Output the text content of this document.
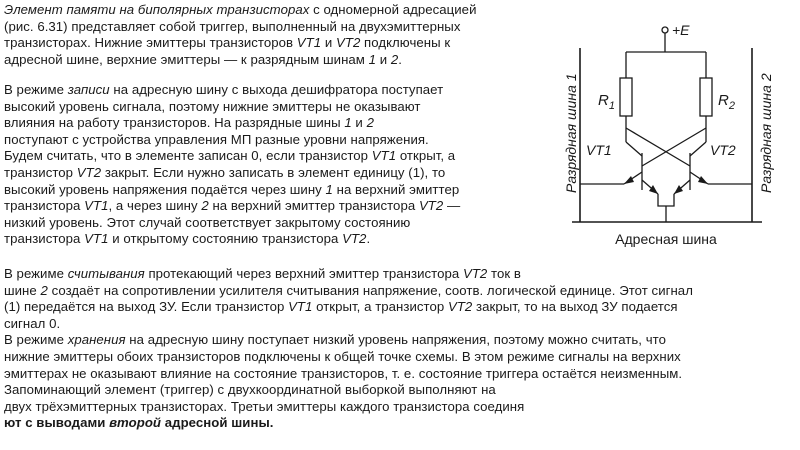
Элемент памяти на биполярных транзисторах с одномерной адресацией
(рис. 6.31) представляет собой триггер, выполненный на двухэмиттерных
транзисторах. Нижние эмиттеры транзисторов VT1 и VT2 подключены к
адресной шине, верхние эмиттеры — к разрядным шинам 1 и 2.
В режиме записи на адресную шину с выхода дешифратора поступает
высокий уровень сигнала, поэтому нижние эмиттеры не оказывают
влияния на работу транзисторов. На разрядные шины 1 и 2
поступают с устройства управления МП разные уровни напряжения.
Будем считать, что в элементе записан 0, если транзистор VT1 открыт, а
транзистор VT2 закрыт. Если нужно записать в элемент единицу (1), то
высокий уровень напряжения подаётся через шину 1 на верхний эмиттер
транзистора VT1, а через шину 2 на верхний эмиттер транзистора VT2 —
низкий уровень. Этот случай соответствует закрытому состоянию
транзистора VT1 и открытому состоянию транзистора VT2.
В режиме считывания протекающий через верхний эмиттер транзистора VT2 ток в
шине 2 создаёт на сопротивлении усилителя считывания напряжение, соотв. логической единице. Этот сигнал
(1) передаётся на выход ЗУ. Если транзистор VT1 открыт, а транзистор VT2 закрыт, то на выход ЗУ подается
сигнал 0.
В режиме хранения на адресную шину поступает низкий уровень напряжения, поэтому можно считать, что
нижние эмиттеры обоих транзисторов подключены к общей точке схемы. В этом режиме сигналы на верхних
эмиттерах не оказывают влияние на состояние транзисторов, т. е. состояние триггера остаётся неизменным.
Запоминающий элемент (триггер) с двухкоординатной выборкой выполняют на
двух трёхэмиттерных транзисторах. Третьи эмиттеры каждого транзистора соединя
ют с выводами второй адресной шины.
+E
$R_1$	$R_2$
VT1	VT2
Адресная шина
Разрядная шина 1	Разрядная шина 2
